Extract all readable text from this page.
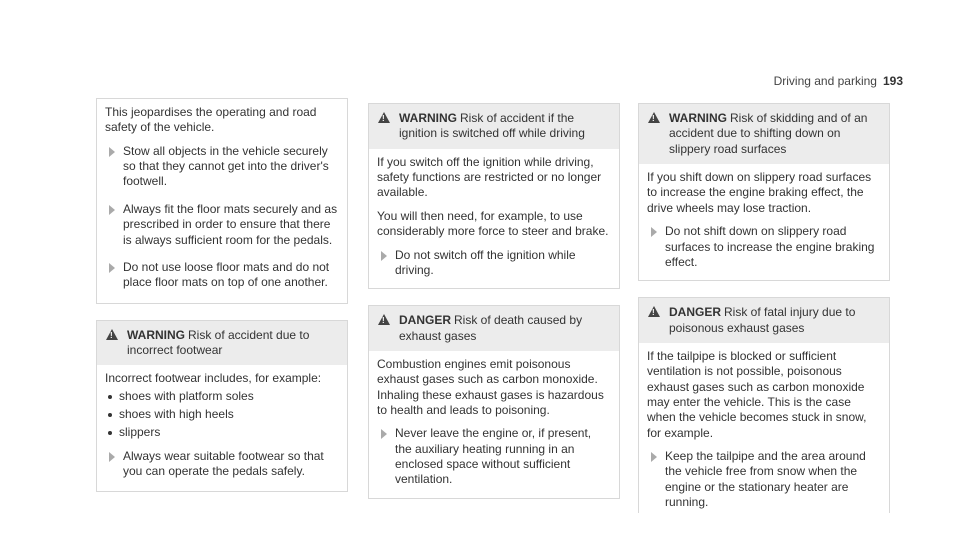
Driving and parking 193

This jeopardises the operating and road safety of the vehicle.

Stow all objects in the vehicle securely so that they cannot get into the driver's footwell.
Always fit the floor mats securely and as prescribed in order to ensure that there is always sufficient room for the pedals.
Do not use loose floor mats and do not place floor mats on top of one another.
!
WARNING Risk of accident due to incorrect footwear

Incorrect footwear includes, for example:

shoes with platform soles
shoes with high heels
slippers
Always wear suitable footwear so that you can operate the pedals safely.
!
WARNING Risk of accident if the ignition is switched off while driving

If you switch off the ignition while driving, safety functions are restricted or no longer available.

You will then need, for example, to use considerably more force to steer and brake.

Do not switch off the ignition while driving.
!
DANGER Risk of death caused by exhaust gases

Combustion engines emit poisonous exhaust gases such as carbon monoxide. Inhaling these exhaust gases is hazardous to health and leads to poisoning.

Never leave the engine or, if present, the auxiliary heating running in an enclosed space without sufficient ventilation.
!
WARNING Risk of skidding and of an accident due to shifting down on slippery road surfaces

If you shift down on slippery road surfaces to increase the engine braking effect, the drive wheels may lose traction.

Do not shift down on slippery road surfaces to increase the engine braking effect.
!
DANGER Risk of fatal injury due to poisonous exhaust gases

If the tailpipe is blocked or sufficient ventilation is not possible, poisonous exhaust gases such as carbon monoxide may enter the vehicle. This is the case when the vehicle becomes stuck in snow, for example.

Keep the tailpipe and the area around the vehicle free from snow when the engine or the stationary heater are running.
